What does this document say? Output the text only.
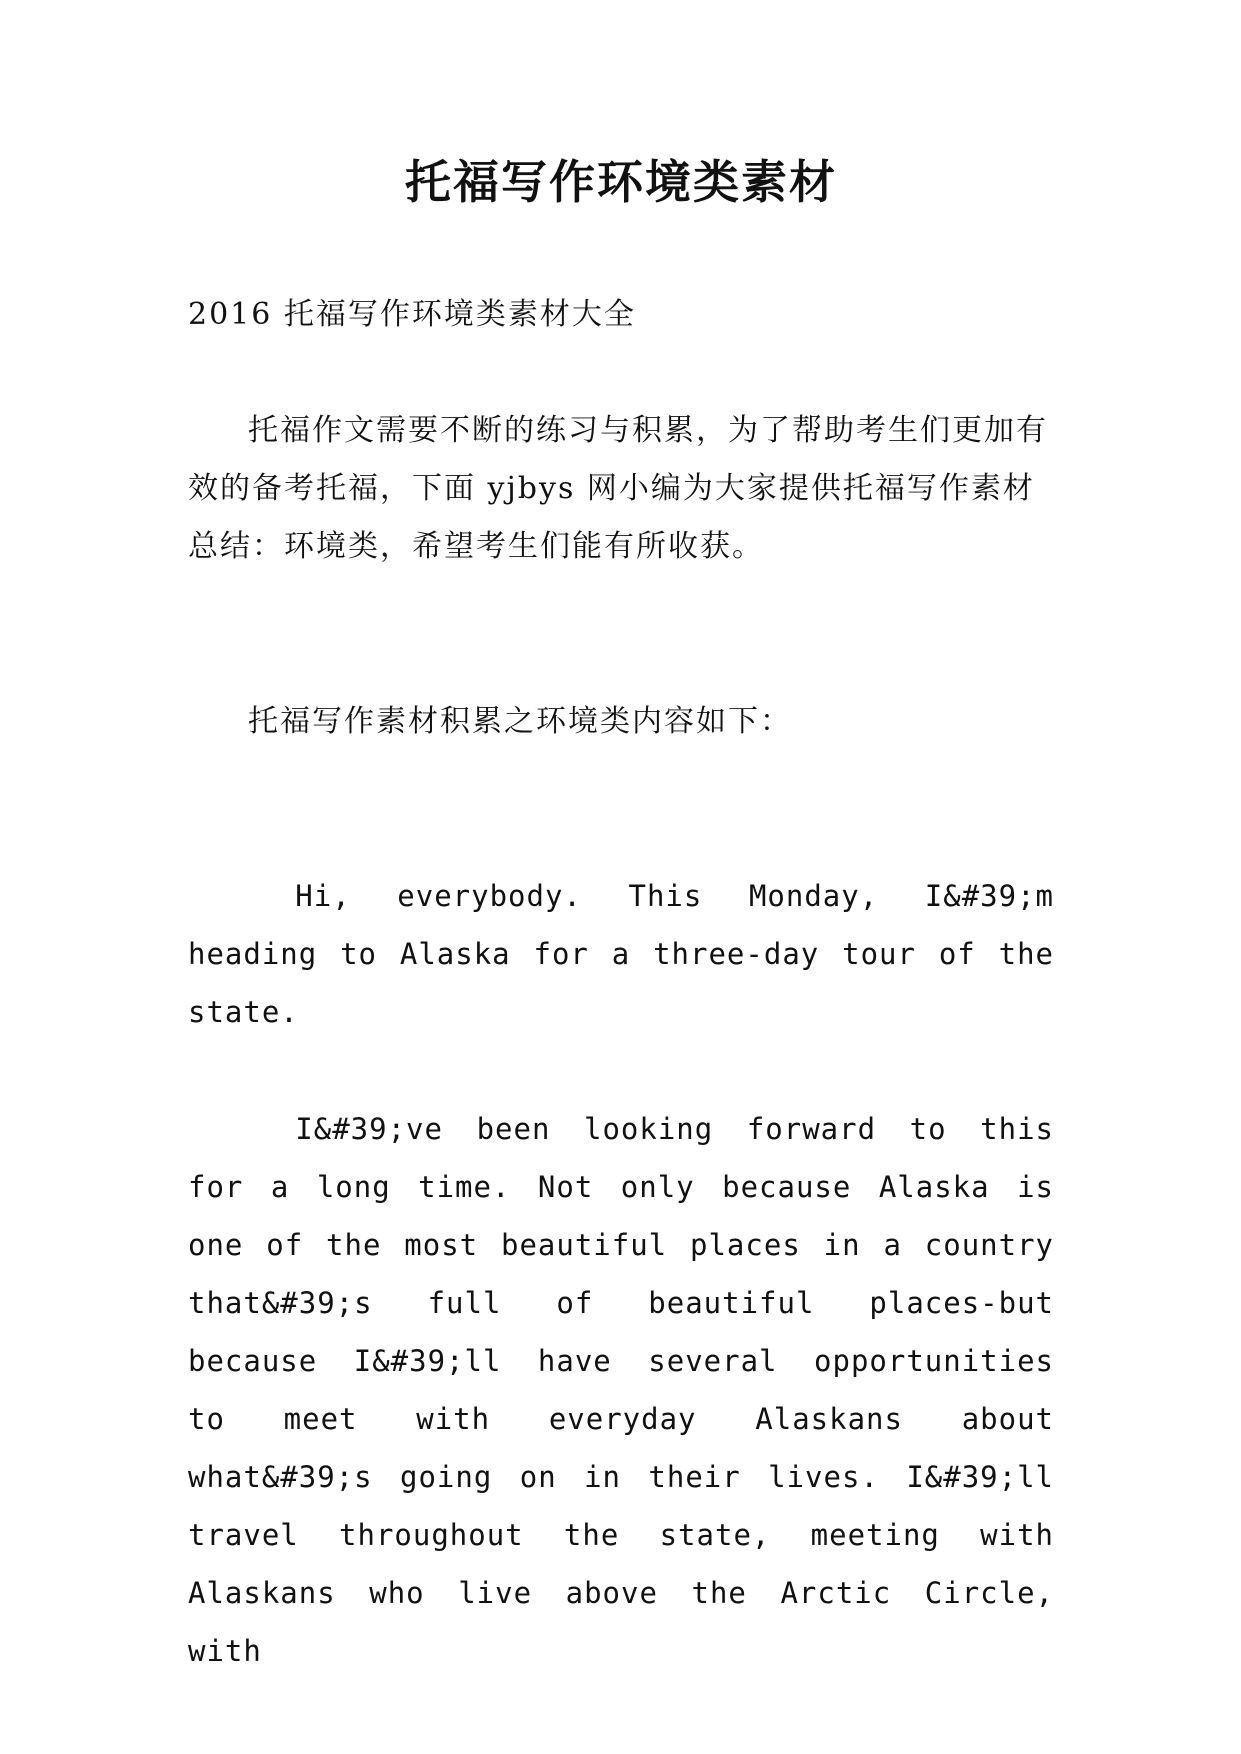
托福写作环境类素材

2016 托福写作环境类素材大全

托福作文需要不断的练习与积累，为了帮助考生们更加有效的备考托福，下面 yjbys 网小编为大家提供托福写作素材总结：环境类，希望考生们能有所收获。

托福写作素材积累之环境类内容如下：

Hi, everybody. This Monday, I&#39;m heading to Alaska for a three-day tour of the state.

I&#39;ve been looking forward to this for a long time. Not only because Alaska is one of the most beautiful places in a country that&#39;s full of beautiful places-but because I&#39;ll have several opportunities to meet with everyday Alaskans about what&#39;s going on in their lives. I&#39;ll travel throughout the state, meeting with Alaskans who live above the Arctic Circle, with
